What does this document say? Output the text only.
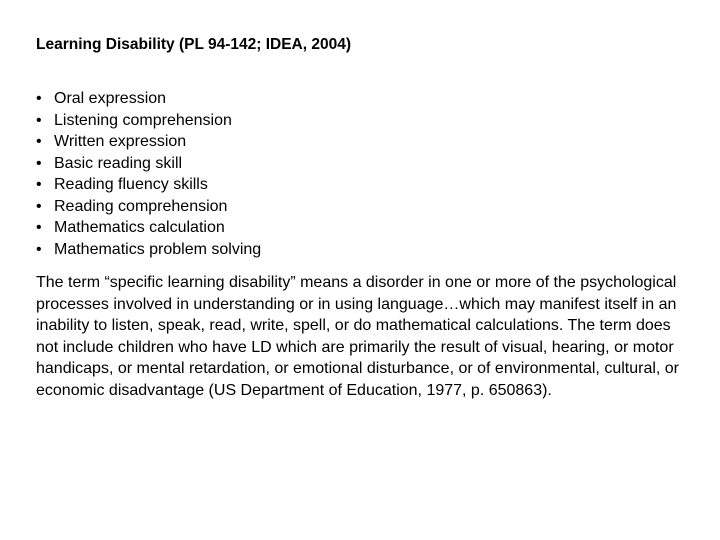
Learning Disability (PL 94-142; IDEA, 2004)
• Oral expression
• Listening comprehension
• Written expression
• Basic reading skill
• Reading fluency skills
• Reading comprehension
• Mathematics calculation
• Mathematics problem solving

The term “specific learning disability” means a disorder in one or more of the psychological processes involved in understanding or in using language…which may manifest itself in an inability to listen, speak, read, write, spell, or do mathematical calculations. The term does not include children who have LD which are primarily the result of visual, hearing, or motor handicaps, or mental retardation, or emotional disturbance, or of environmental, cultural, or economic disadvantage (US Department of Education, 1977, p. 650863).
